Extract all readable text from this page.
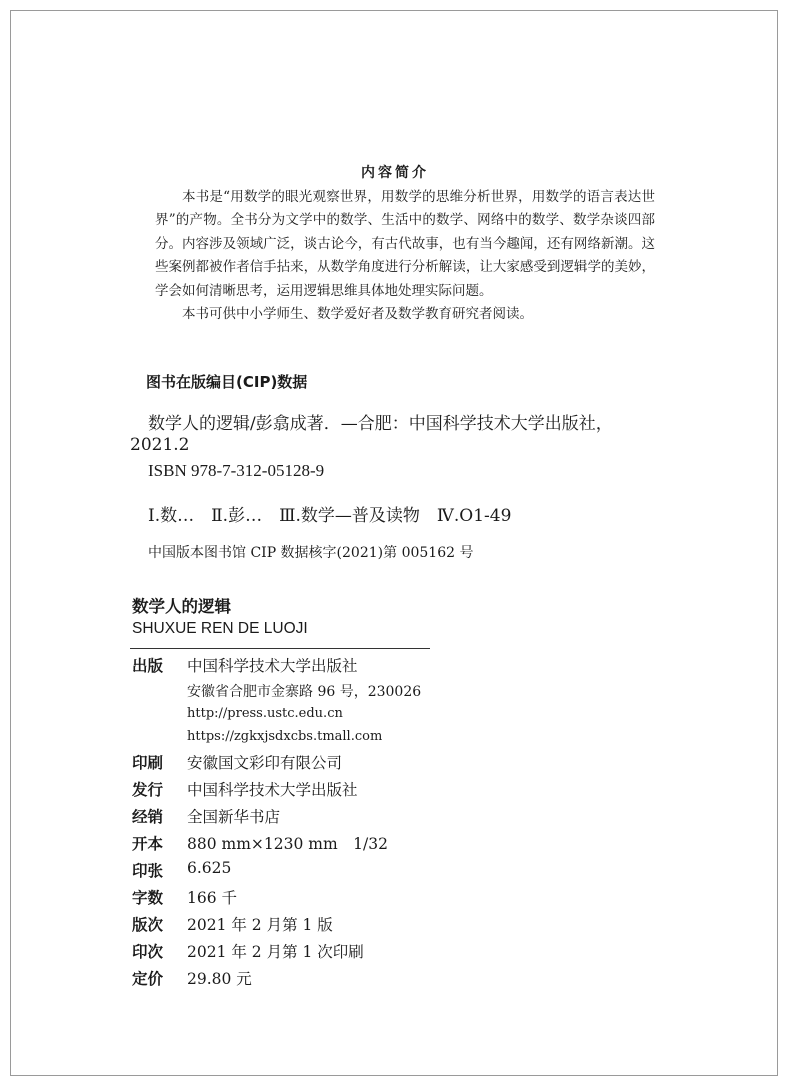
内容简介

本书是“用数学的眼光观察世界，用数学的思维分析世界，用数学的语言表达世界”的产物。全书分为文学中的数学、生活中的数学、网络中的数学、数学杂谈四部分。内容涉及领域广泛，谈古论今，有古代故事，也有当今趣闻，还有网络新潮。这些案例都被作者信手拈来，从数学角度进行分析解读，让大家感受到逻辑学的美妙，学会如何清晰思考，运用逻辑思维具体地处理实际问题。

本书可供中小学师生、数学爱好者及数学教育研究者阅读。

图书在版编目(CIP)数据
数学人的逻辑/彭翕成著．—合肥：中国科学技术大学出版社，
2021.2
ISBN 978-7-312-05128-9
Ⅰ.数…　Ⅱ.彭…　Ⅲ.数学—普及读物　Ⅳ.O1-49
中国版本图书馆 CIP 数据核字(2021)第 005162 号
数学人的逻辑
SHUXUE REN DE LUOJI
出版 中国科学技术大学出版社
安徽省合肥市金寨路 96 号，230026
http://press.ustc.edu.cn
https://zgkxjsdxcbs.tmall.com
印刷 安徽国文彩印有限公司
发行 中国科学技术大学出版社
经销 全国新华书店
开本 880 mm×1230 mm　1/32
印张 6.625
字数 166 千
版次 2021 年 2 月第 1 版
印次 2021 年 2 月第 1 次印刷
定价 29.80 元
